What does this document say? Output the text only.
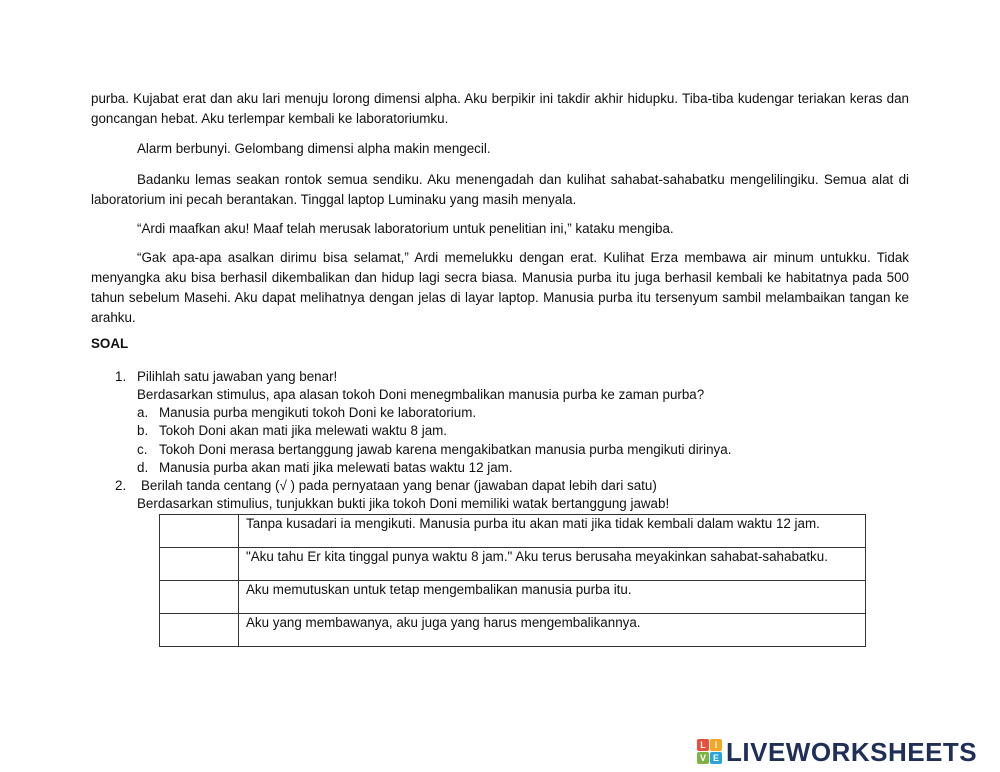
purba. Kujabat erat dan aku lari menuju lorong dimensi alpha. Aku berpikir ini takdir akhir hidupku. Tiba-tiba kudengar teriakan keras dan goncangan hebat. Aku terlempar kembali ke laboratoriumku.

Alarm berbunyi. Gelombang dimensi alpha makin mengecil.

Badanku lemas seakan rontok semua sendiku. Aku menengadah dan kulihat sahabat-sahabatku mengelilingiku. Semua alat di laboratorium ini pecah berantakan. Tinggal laptop Luminaku yang masih menyala.

“Ardi maafkan aku! Maaf telah merusak laboratorium untuk penelitian ini,” kataku mengiba.

“Gak apa-apa asalkan dirimu bisa selamat,” Ardi memelukku dengan erat. Kulihat Erza membawa air minum untukku. Tidak menyangka aku bisa berhasil dikembalikan dan hidup lagi secra biasa. Manusia purba itu juga berhasil kembali ke habitatnya pada 500 tahun sebelum Masehi. Aku dapat melihatnya dengan jelas di layar laptop. Manusia purba itu tersenyum sambil melambaikan tangan ke arahku.

SOAL
1. Pilihlah satu jawaban yang benar!
Berdasarkan stimulus, apa alasan tokoh Doni menegmbalikan manusia purba ke zaman purba?
a. Manusia purba mengikuti tokoh Doni ke laboratorium.
b. Tokoh Doni akan mati jika melewati waktu 8 jam.
c. Tokoh Doni merasa bertanggung jawab karena mengakibatkan manusia purba mengikuti dirinya.
d. Manusia purba akan mati jika melewati batas waktu 12 jam.
2. Berilah tanda centang (√ ) pada pernyataan yang benar (jawaban dapat lebih dari satu)
Berdasarkan stimulius, tunjukkan bukti jika tokoh Doni memiliki watak bertanggung jawab!
	Tanpa kusadari ia mengikuti. Manusia purba itu akan mati jika tidak kembali dalam waktu 12 jam.
	"Aku tahu Er kita tinggal punya waktu 8 jam." Aku terus berusaha meyakinkan sahabat-sahabatku.
	Aku memutuskan untuk tetap mengembalikan manusia purba itu.
	Aku yang membawanya, aku juga yang harus mengembalikannya.
L I
V E LIVEWORKSHEETS
